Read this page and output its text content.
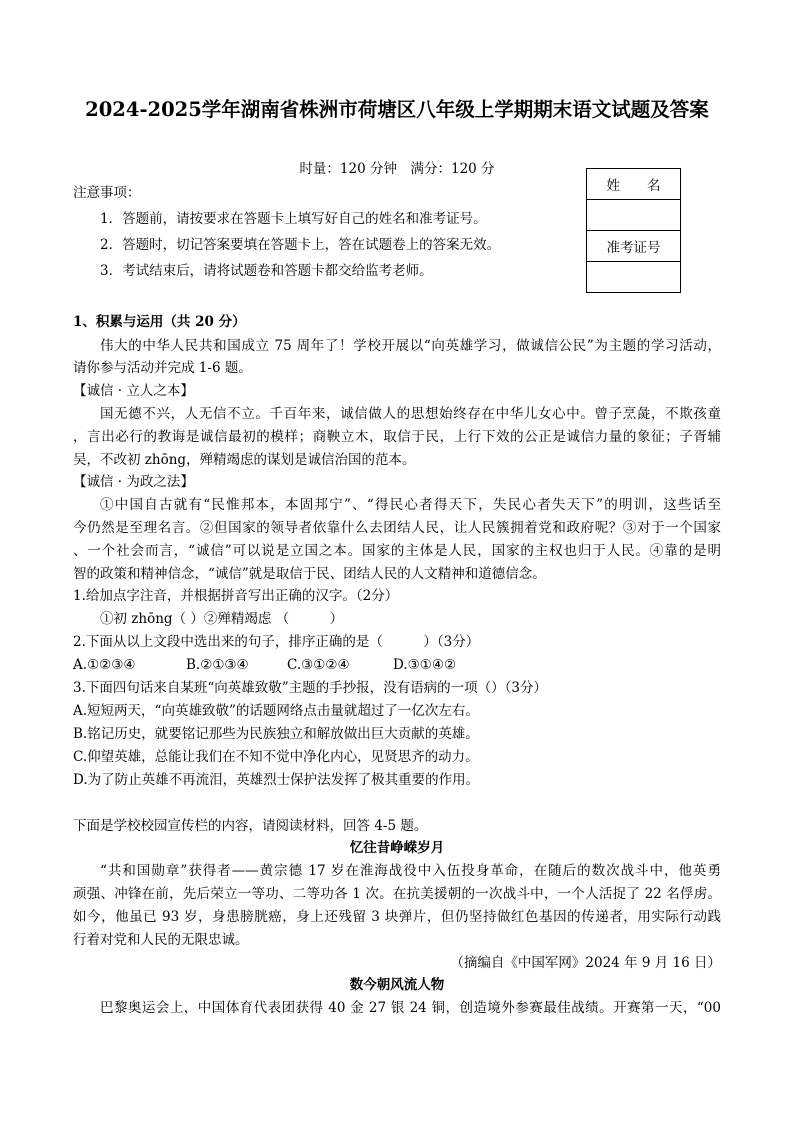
2024-2025学年湖南省株洲市荷塘区八年级上学期期末语文试题及答案
时量：120 分钟　满分：120 分
姓　　名

准考证号

注意事项：
1．答题前，请按要求在答题卡上填写好自己的姓名和准考证号。
2．答题时，切记答案要填在答题卡上，答在试题卷上的答案无效。
3．考试结束后，请将试题卷和答题卡都交给监考老师。
1、积累与运用（共 20 分）
伟大的中华人民共和国成立 75 周年了！学校开展以“向英雄学习，做诚信公民”为主题的学习活动，
请你参与活动并完成 1-6 题。
【诚信 · 立人之本】
国无德不兴，人无信不立。千百年来，诚信做人的思想始终存在中华儿女心中。曾子烹彘，不欺孩童
，言出必行的教诲是诚信最初的模样；商鞅立木，取信于民，上行下效的公正是诚信力量的象征；子胥辅
吴，不改初 zhōng，殚精竭虑的谋划是诚信治国的范本。
【诚信 · 为政之法】
①中国自古就有“民惟邦本，本固邦宁”、“得民心者得天下，失民心者失天下”的明训，这些话至
今仍然是至理名言。②但国家的领导者依靠什么去团结人民，让人民簇拥着党和政府呢？③对于一个国家
、一个社会而言，“诚信”可以说是立国之本。国家的主体是人民，国家的主权也归于人民。④靠的是明
智的政策和精神信念，“诚信”就是取信于民、团结人民的人文精神和道德信念。
1.给加点字注音，并根据拼音写出正确的汉字。（2分）
①初 zhōng（ ）②殚精竭虑 （　　　）
2.下面从以上文段中选出来的句子，排序正确的是（　　　）（3分）
A.①②③④	B.②①③④	C.③①②④	D.③①④②
3.下面四句话来自某班“向英雄致敬”主题的手抄报，没有语病的一项（）（3分）
A.短短两天，“向英雄致敬”的话题网络点击量就超过了一亿次左右。
B.铭记历史，就要铭记那些为民族独立和解放做出巨大贡献的英雄。
C.仰望英雄，总能让我们在不知不觉中净化内心，见贤思齐的动力。
D.为了防止英雄不再流泪，英雄烈士保护法发挥了极其重要的作用。
下面是学校校园宣传栏的内容，请阅读材料，回答 4-5 题。
忆往昔峥嵘岁月
“共和国勋章”获得者——黄宗德 17 岁在淮海战役中入伍投身革命，在随后的数次战斗中，他英勇
顽强、冲锋在前，先后荣立一等功、二等功各 1 次。在抗美援朝的一次战斗中，一个人活捉了 22 名俘虏。
如今，他虽已 93 岁，身患膀胱癌，身上还残留 3 块弹片，但仍坚持做红色基因的传递者，用实际行动践
行着对党和人民的无限忠诚。
（摘编自《中国军网》2024 年 9 月 16 日）
数今朝风流人物
巴黎奥运会上，中国体育代表团获得 40 金 27 银 24 铜，创造境外参赛最佳战绩。开赛第一天，“00
